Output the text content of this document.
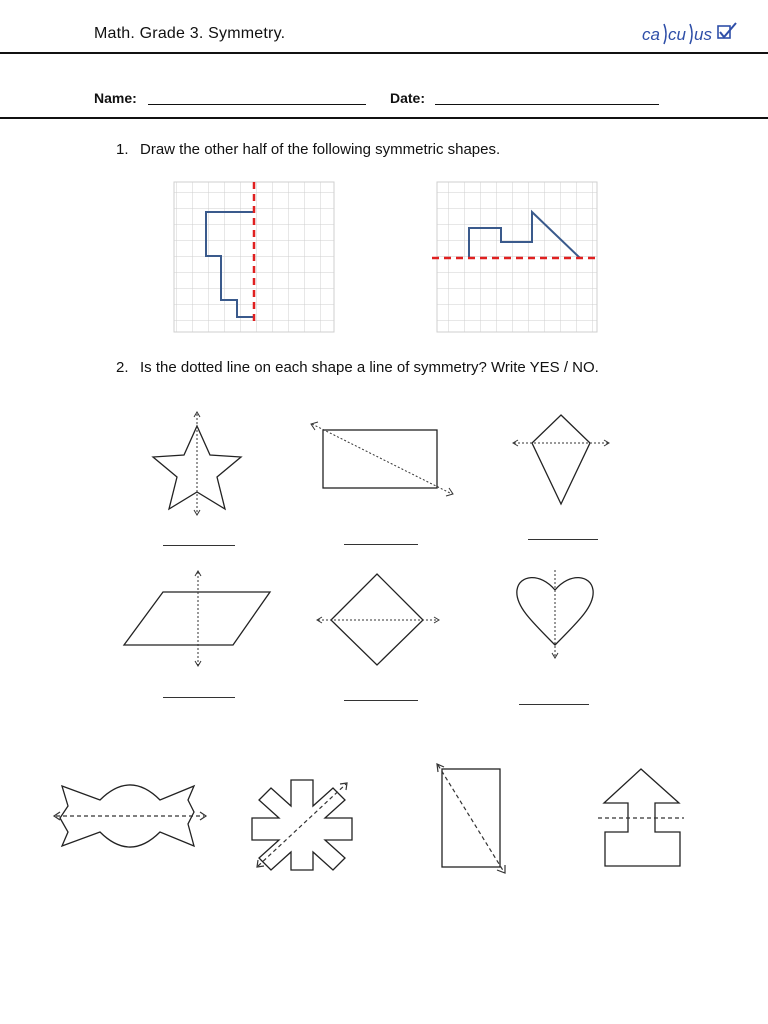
Math. Grade 3. Symmetry.	ca cu us
Name:	Date:
1. Draw the other half of the following symmetric shapes.
2. Is the dotted line on each shape a line of symmetry? Write YES / NO.
